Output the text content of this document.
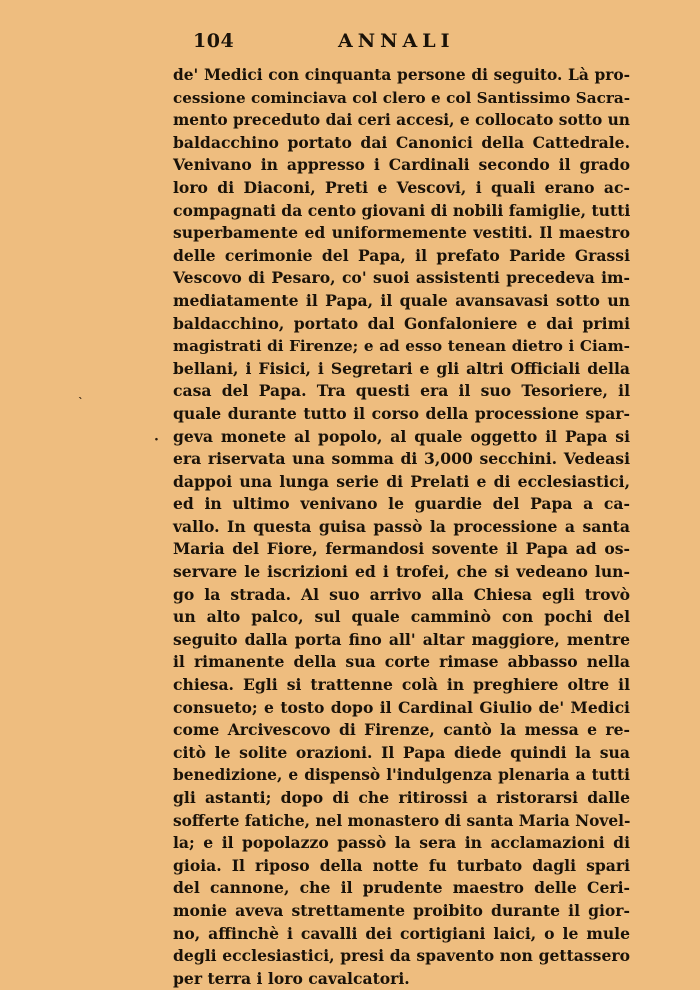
104	ANNALI
`
·
de' Medici con cinquanta persone di seguito. Là pro-
cessione cominciava col clero e col Santissimo Sacra-
mento preceduto dai ceri accesi, e collocato sotto un
baldacchino portato dai Canonici della Cattedrale.
Venivano in appresso i Cardinali secondo il grado
loro di Diaconi, Preti e Vescovi, i quali erano ac-
compagnati da cento giovani di nobili famiglie, tutti
superbamente ed uniformemente vestiti. Il maestro
delle cerimonie del Papa, il prefato Paride Grassi
Vescovo di Pesaro, co' suoi assistenti precedeva im-
mediatamente il Papa, il quale avansavasi sotto un
baldacchino, portato dal Gonfaloniere e dai primi
magistrati di Firenze; e ad esso tenean dietro i Ciam-
bellani, i Fisici, i Segretari e gli altri Officiali della
casa del Papa. Tra questi era il suo Tesoriere, il
quale durante tutto il corso della processione spar-
geva monete al popolo, al quale oggetto il Papa si
era riservata una somma di 3,000 secchini. Vedeasi
dappoi una lunga serie di Prelati e di ecclesiastici,
ed in ultimo venivano le guardie del Papa a ca-
vallo. In questa guisa passò la processione a santa
Maria del Fiore, fermandosi sovente il Papa ad os-
servare le iscrizioni ed i trofei, che si vedeano lun-
go la strada. Al suo arrivo alla Chiesa egli trovò
un alto palco, sul quale camminò con pochi del
seguito dalla porta fino all' altar maggiore, mentre
il rimanente della sua corte rimase abbasso nella
chiesa. Egli si trattenne colà in preghiere oltre il
consueto; e tosto dopo il Cardinal Giulio de' Medici
come Arcivescovo di Firenze, cantò la messa e re-
citò le solite orazioni. Il Papa diede quindi la sua
benedizione, e dispensò l'indulgenza plenaria a tutti
gli astanti; dopo di che ritirossi a ristorarsi dalle
sofferte fatiche, nel monastero di santa Maria Novel-
la; e il popolazzo passò la sera in acclamazioni di
gioia. Il riposo della notte fu turbato dagli spari
del cannone, che il prudente maestro delle Ceri-
monie aveva strettamente proibito durante il gior-
no, affinchè i cavalli dei cortigiani laici, o le mule
degli ecclesiastici, presi da spavento non gettassero
per terra i loro cavalcatori.
